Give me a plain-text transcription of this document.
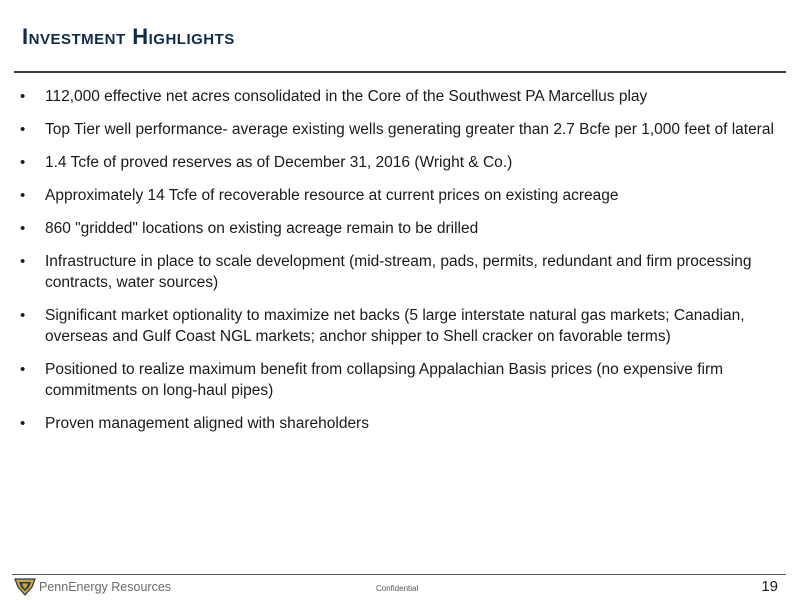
Investment Highlights
• 112,000 effective net acres consolidated in the Core of the Southwest PA Marcellus play
• Top Tier well performance- average existing wells generating greater than 2.7 Bcfe per 1,000 feet of lateral
• 1.4 Tcfe of proved reserves as of December 31, 2016 (Wright & Co.)
• Approximately 14 Tcfe of recoverable resource at current prices on existing acreage
• 860 "gridded" locations on existing acreage remain to be drilled
• Infrastructure in place to scale development (mid-stream, pads, permits, redundant and firm processing contracts, water sources)
• Significant market optionality to maximize net backs (5 large interstate natural gas markets; Canadian, overseas and Gulf Coast NGL markets; anchor shipper to Shell cracker on favorable terms)
• Positioned to realize maximum benefit from collapsing Appalachian Basis prices (no expensive firm commitments on long-haul pipes)
• Proven management aligned with shareholders
PennEnergy Resources	Confidential	19
